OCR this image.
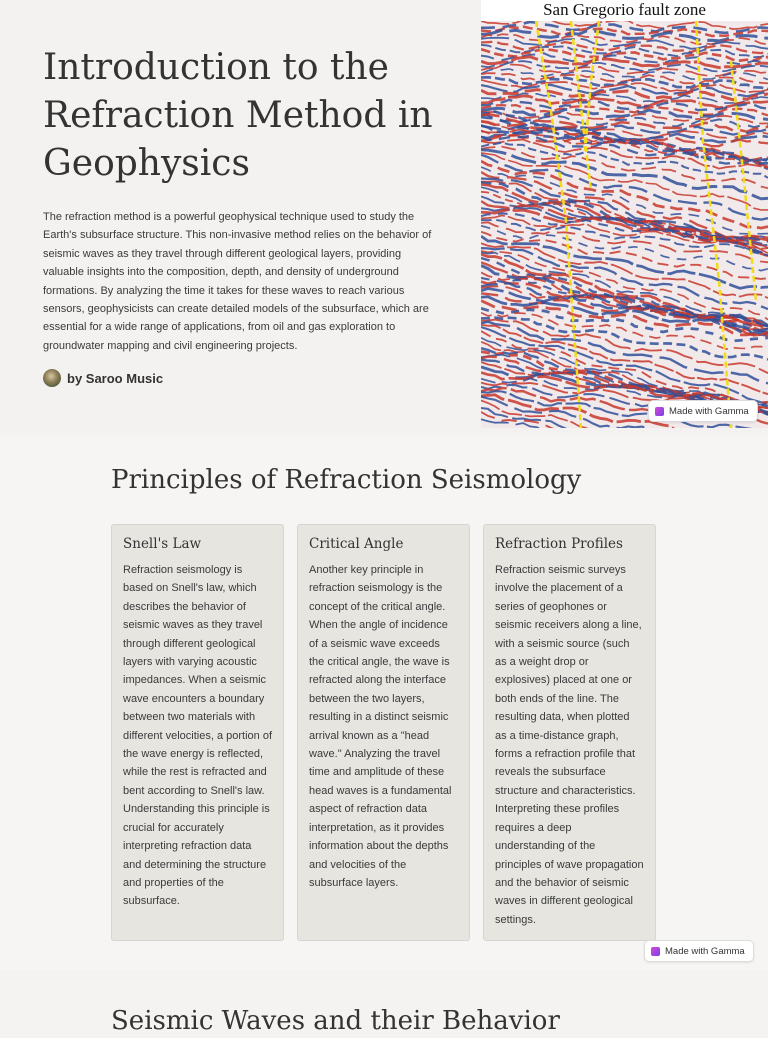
Introduction to the Refraction Method in Geophysics

The refraction method is a powerful geophysical technique used to study the Earth's subsurface structure. This non-invasive method relies on the behavior of seismic waves as they travel through different geological layers, providing valuable insights into the composition, depth, and density of underground formations. By analyzing the time it takes for these waves to reach various sensors, geophysicists can create detailed models of the subsurface, which are essential for a wide range of applications, from oil and gas exploration to groundwater mapping and civil engineering projects.

by Saroo Music
San Gregorio fault zone
Made with Gamma
Principles of Refraction Seismology
Snell's Law

Refraction seismology is based on Snell's law, which describes the behavior of seismic waves as they travel through different geological layers with varying acoustic impedances. When a seismic wave encounters a boundary between two materials with different velocities, a portion of the wave energy is reflected, while the rest is refracted and bent according to Snell's law. Understanding this principle is crucial for accurately interpreting refraction data and determining the structure and properties of the subsurface.

Critical Angle

Another key principle in refraction seismology is the concept of the critical angle. When the angle of incidence of a seismic wave exceeds the critical angle, the wave is refracted along the interface between the two layers, resulting in a distinct seismic arrival known as a "head wave." Analyzing the travel time and amplitude of these head waves is a fundamental aspect of refraction data interpretation, as it provides information about the depths and velocities of the subsurface layers.

Refraction Profiles

Refraction seismic surveys involve the placement of a series of geophones or seismic receivers along a line, with a seismic source (such as a weight drop or explosives) placed at one or both ends of the line. The resulting data, when plotted as a time-distance graph, forms a refraction profile that reveals the subsurface structure and characteristics. Interpreting these profiles requires a deep understanding of the principles of wave propagation and the behavior of seismic waves in different geological settings.

Made with Gamma
Seismic Waves and their Behavior
